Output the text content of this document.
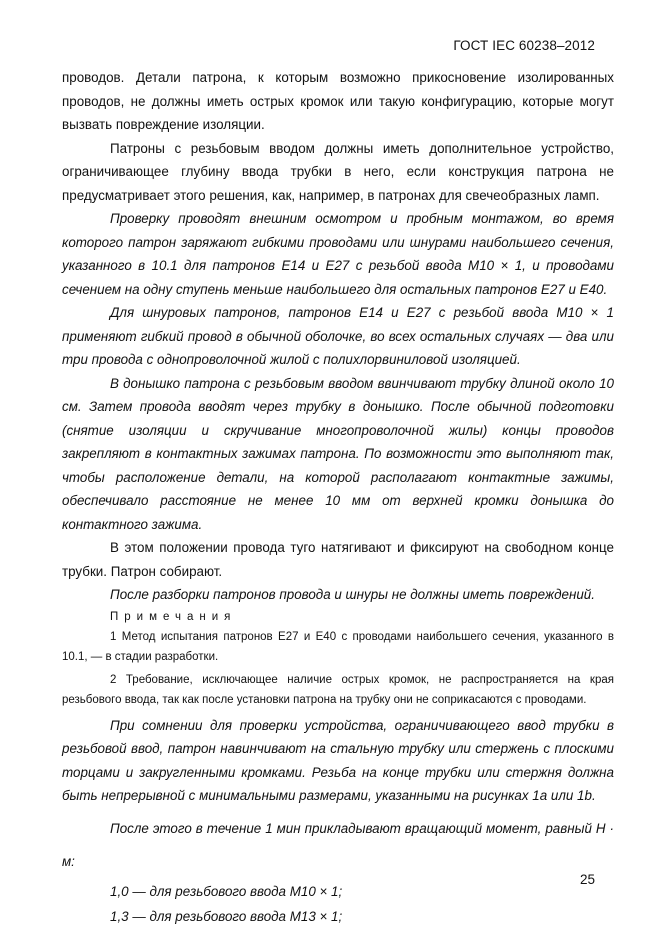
ГОСТ IEC 60238–2012

проводов. Детали патрона, к которым возможно прикосновение изолированных проводов, не должны иметь острых кромок или такую конфигурацию, которые могут вызвать повреждение изоляции.

Патроны с резьбовым вводом должны иметь дополнительное устройство, ограничивающее глубину ввода трубки в него, если конструкция патрона не предусматривает этого решения, как, например, в патронах для свечеобразных ламп.

Проверку проводят внешним осмотром и пробным монтажом, во время которого патрон заряжают гибкими проводами или шнурами наибольшего сечения, указанного в 10.1 для патронов Е14 и Е27 с резьбой ввода М10 × 1, и проводами сечением на одну ступень меньше наибольшего для остальных патронов Е27 и Е40.

Для шнуровых патронов, патронов Е14 и Е27 с резьбой ввода М10 × 1 применяют гибкий провод в обычной оболочке, во всех остальных случаях — два или три провода с однопроволочной жилой с полихлорвиниловой изоляцией.

В донышко патрона с резьбовым вводом ввинчивают трубку длиной около 10 см. Затем провода вводят через трубку в донышко. После обычной подготовки (снятие изоляции и скручивание многопроволочной жилы) концы проводов закрепляют в контактных зажимах патрона. По возможности это выполняют так, чтобы расположение детали, на которой располагают контактные зажимы, обеспечивало расстояние не менее 10 мм от верхней кромки донышка до контактного зажима.

В этом положении провода туго натягивают и фиксируют на свободном конце трубки. Патрон собирают.

После разборки патронов провода и шнуры не должны иметь повреждений.

Примечания

1 Метод испытания патронов Е27 и Е40 с проводами наибольшего сечения, указанного в 10.1, — в стадии разработки.

2 Требование, исключающее наличие острых кромок, не распространяется на края резьбового ввода, так как после установки патрона на трубку они не соприкасаются с проводами.

При сомнении для проверки устройства, ограничивающего ввод трубки в резьбовой ввод, патрон навинчивают на стальную трубку или стержень с плоскими торцами и закругленными кромками. Резьба на конце трубки или стержня должна быть непрерывной с минимальными размерами, указанными на рисунках 1а или 1b.

После этого в течение 1 мин прикладывают вращающий момент, равный Н · м:

1,0 — для резьбового ввода М10 × 1;

1,3 — для резьбового ввода М13 × 1;

25
